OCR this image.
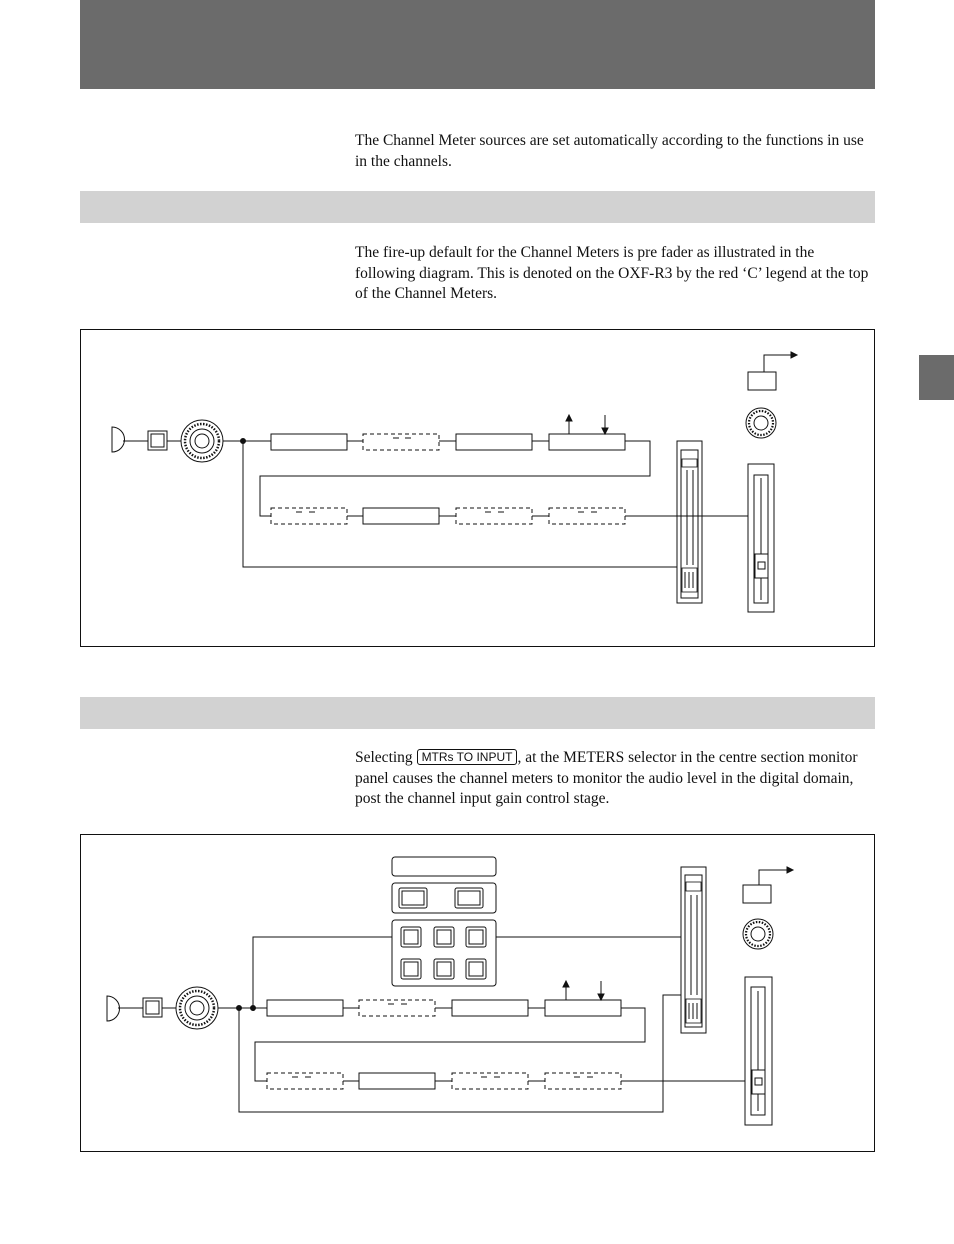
The Channel Meter sources are set automatically according to the functions in use in the channels.

The fire-up default for the Channel Meters is pre fader as illustrated in the following diagram. This is denoted on the OXF-R3 by the red ‘C’ legend at the top of the Channel Meters.

Selecting MTRs TO INPUT , at the METERS selector in the centre section monitor panel causes the channel meters to monitor the audio level in the digital domain, post the channel input gain control stage.
